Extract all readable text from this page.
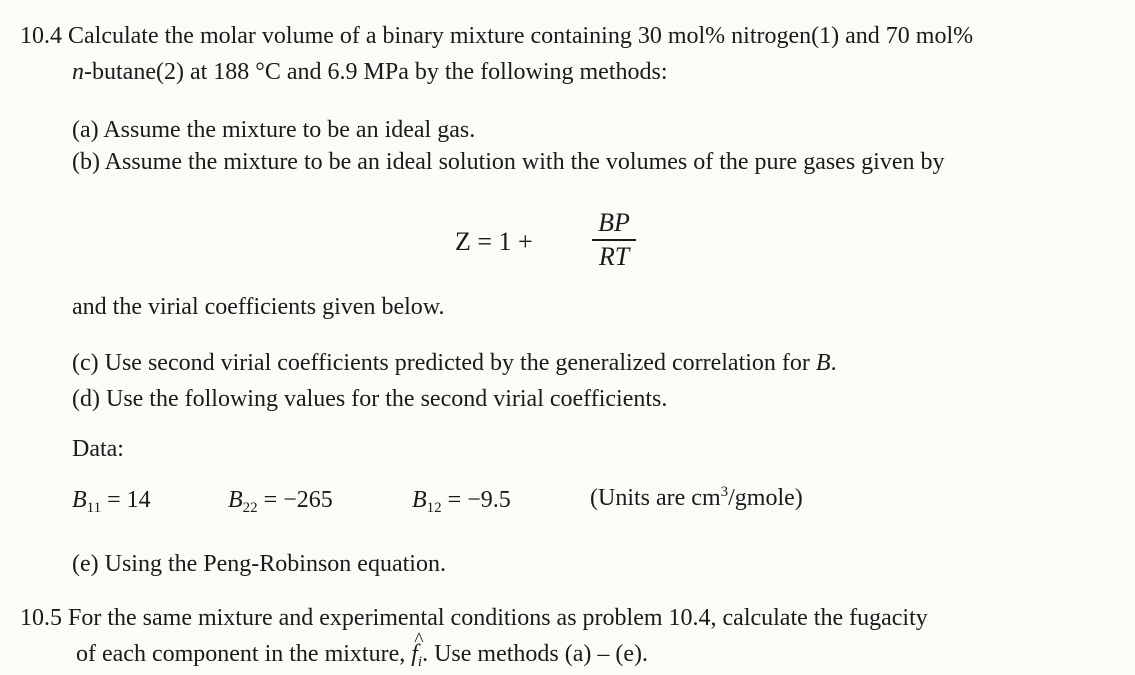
10.4 Calculate the molar volume of a binary mixture containing 30 mol% nitrogen(1) and 70 mol%
n-butane(2) at 188 °C and 6.9 MPa by the following methods:
(a) Assume the mixture to be an ideal gas.
(b) Assume the mixture to be an ideal solution with the volumes of the pure gases given by
Z = 1 +
BP
RT
and the virial coefficients given below.
(c) Use second virial coefficients predicted by the generalized correlation for B.
(d) Use the following values for the second virial coefficients.
Data:
$B_{11} = 14$	$B_{22} = -265$	$B_{12} = -9.5$	(Units are $cm^3/gmole$)
(e) Using the Peng-Robinson equation.
10.5 For the same mixture and experimental conditions as problem 10.4, calculate the fugacity
of each component in the mixture,
^
$f_i$. Use methods (a) – (e).
